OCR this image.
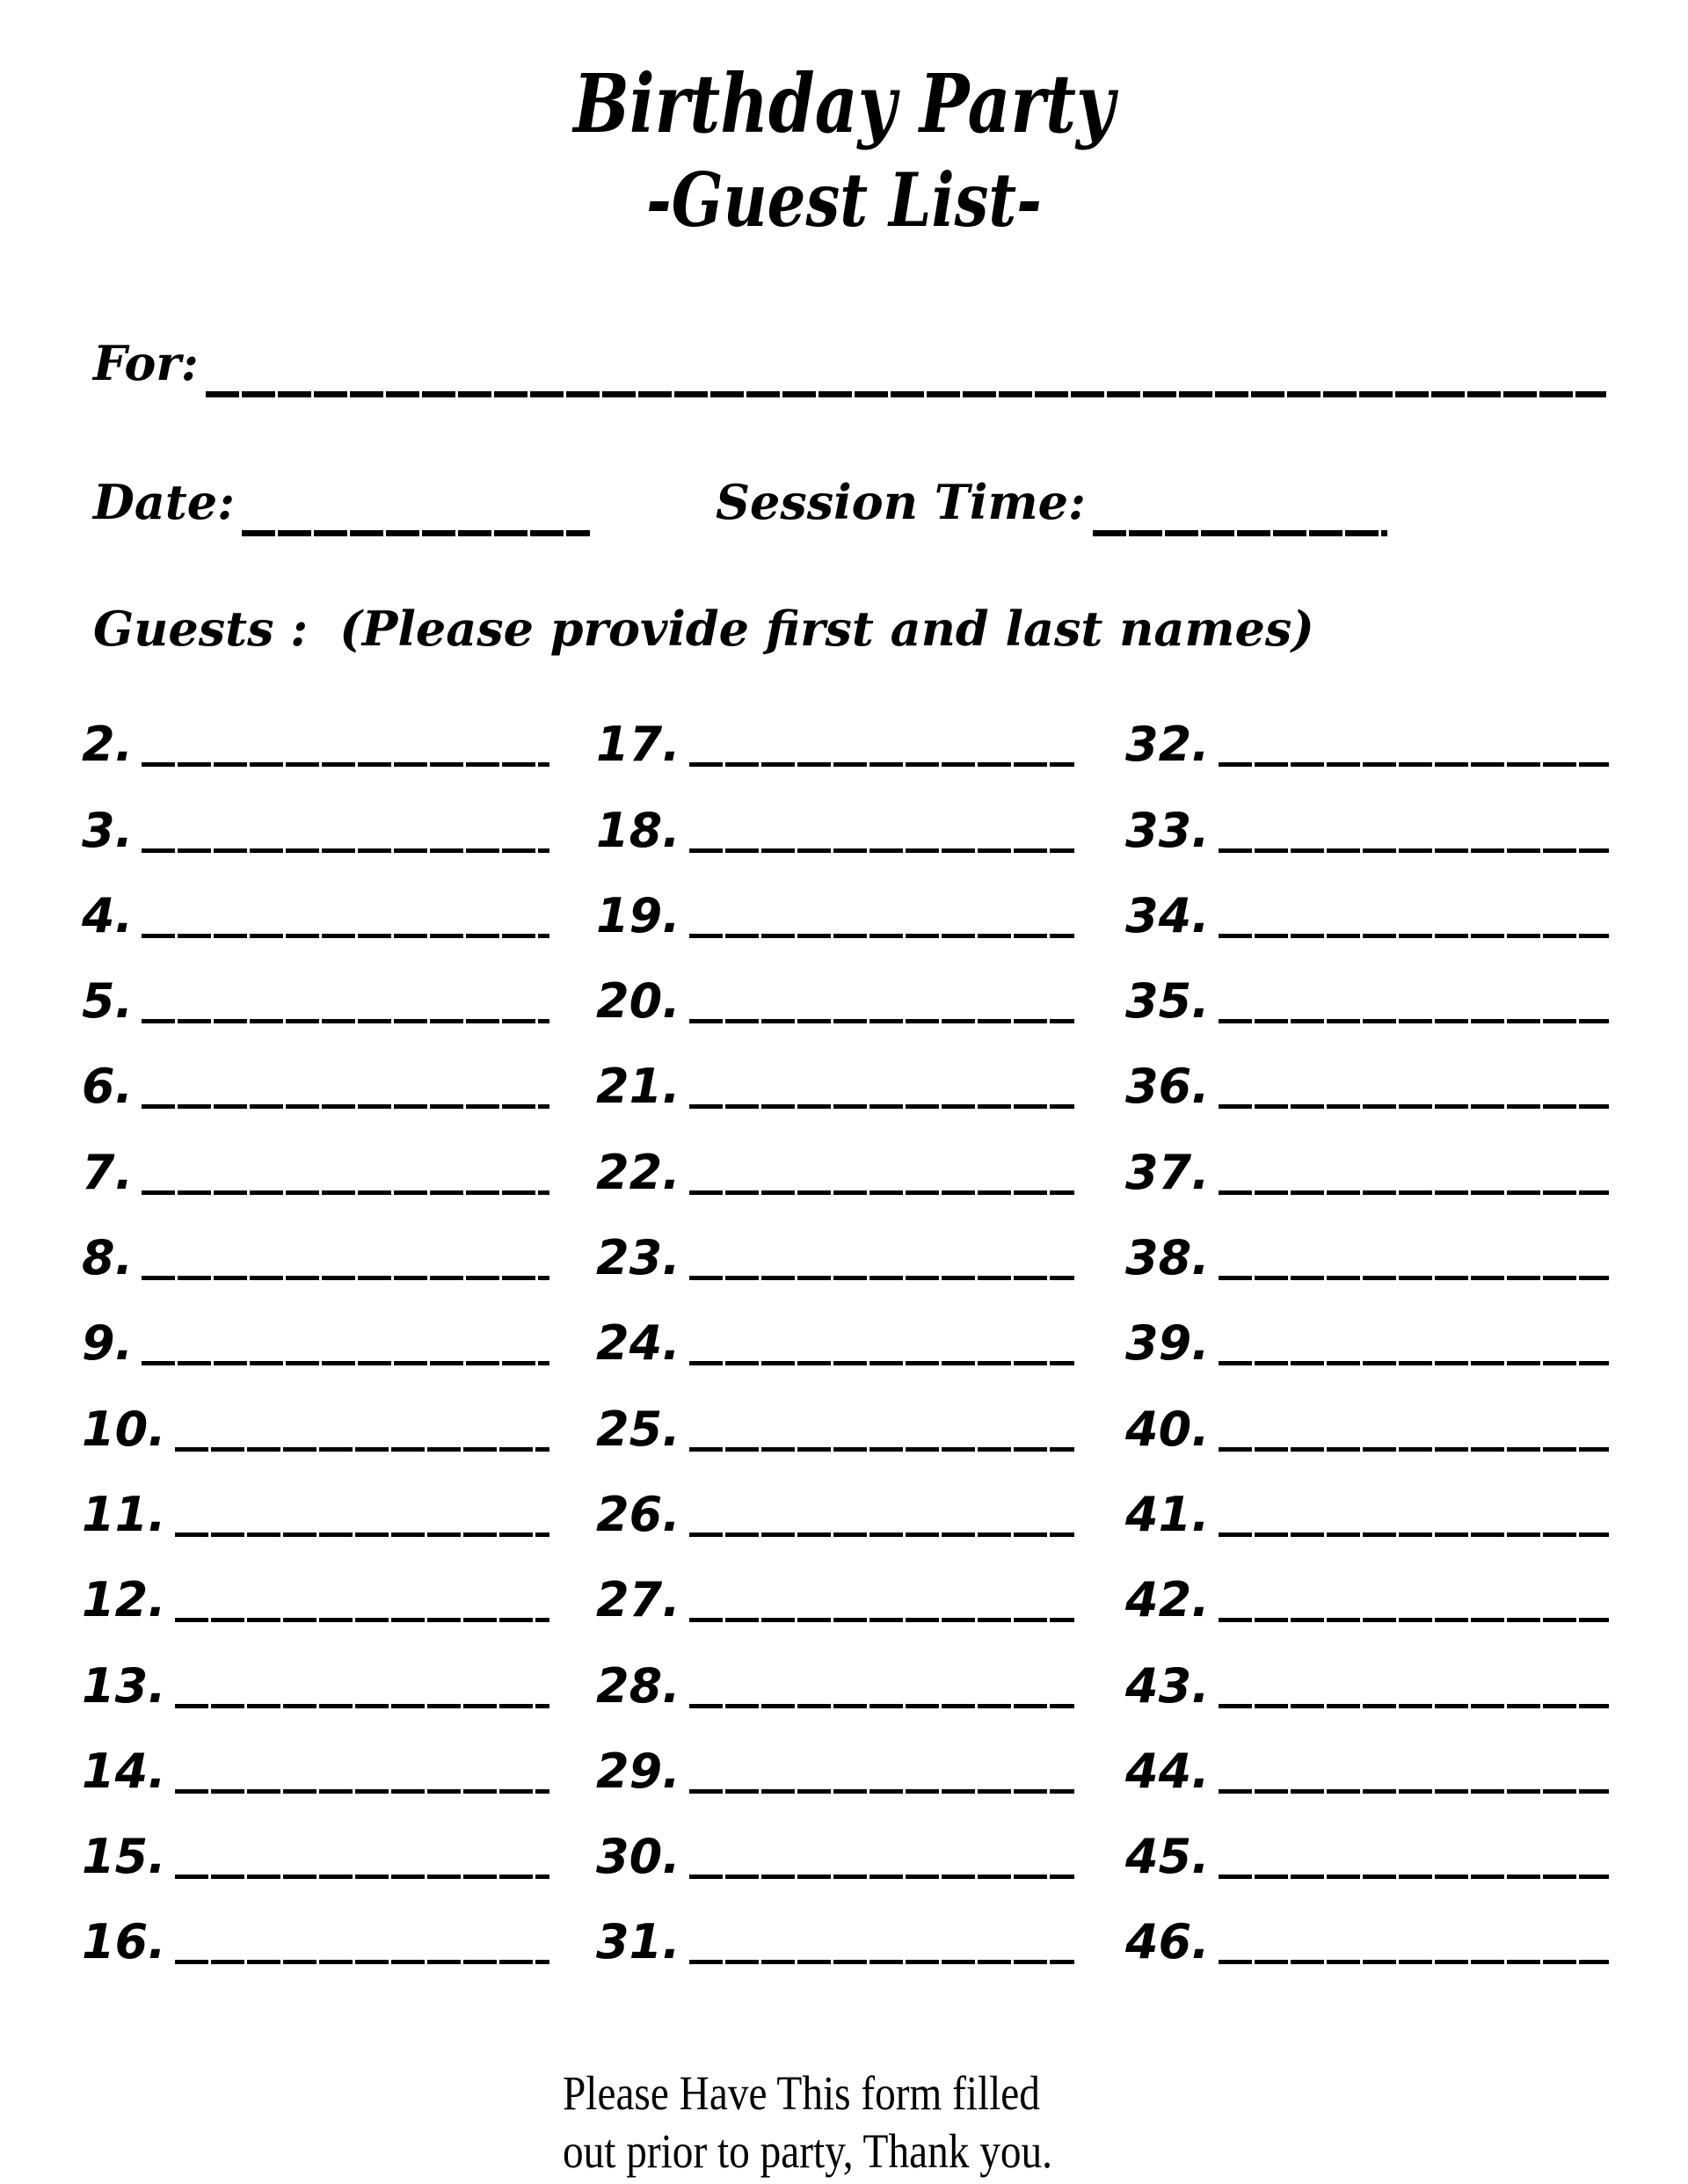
Birthday Party
-Guest List-
For:
Date:	Session Time:
Guests : (Please provide first and last names)
2.
3.
4.
5.
6.
7.
8.
9.
10.
11.
12.
13.
14.
15.
16.
17.
18.
19.
20.
21.
22.
23.
24.
25.
26.
27.
28.
29.
30.
31.
32.
33.
34.
35.
36.
37.
38.
39.
40.
41.
42.
43.
44.
45.
46.
Please Have This form filled
out prior to party, Thank you.
